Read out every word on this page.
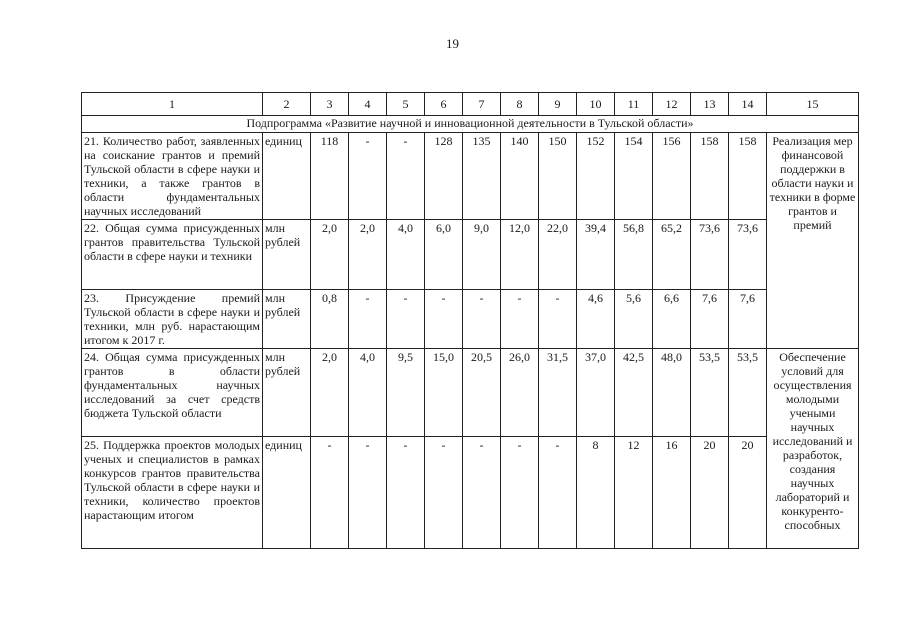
19
1	2	3	4	5	6	7	8	9	10	11	12	13	14	15
Подпрограмма «Развитие научной и инновационной деятельности в Тульской области»														
21. Количество работ, заявленных на соискание грантов и премий Тульской области в сфере науки и техники, а также грантов в области фундаментальных научных исследований	единиц	118	-	-	128	135	140	150	152	154	156	158	158	Реализация мер финансовой поддержки в области науки и техники в форме грантов и премий
22. Общая сумма присужденных грантов правительства Тульской области в сфере науки и техники	млн рублей	2,0	2,0	4,0	6,0	9,0	12,0	22,0	39,4	56,8	65,2	73,6	73,6	
23. Присуждение премий Тульской области в сфере науки и техники, млн руб. нарастающим итогом к 2017 г.	млн рублей	0,8	-	-	-	-	-	-	4,6	5,6	6,6	7,6	7,6	
24. Общая сумма присужденных грантов в области фундаментальных научных исследований за счет средств бюджета Тульской области	млн рублей	2,0	4,0	9,5	15,0	20,5	26,0	31,5	37,0	42,5	48,0	53,5	53,5	Обеспечение условий для осуществления молодыми учеными научных исследований и разработок, создания научных лабораторий и конкуренто-способных
25. Поддержка проектов молодых ученых и специалистов в рамках конкурсов грантов правительства Тульской области в сфере науки и техники, количество проектов нарастающим итогом	единиц	-	-	-	-	-	-	-	8	12	16	20	20	
